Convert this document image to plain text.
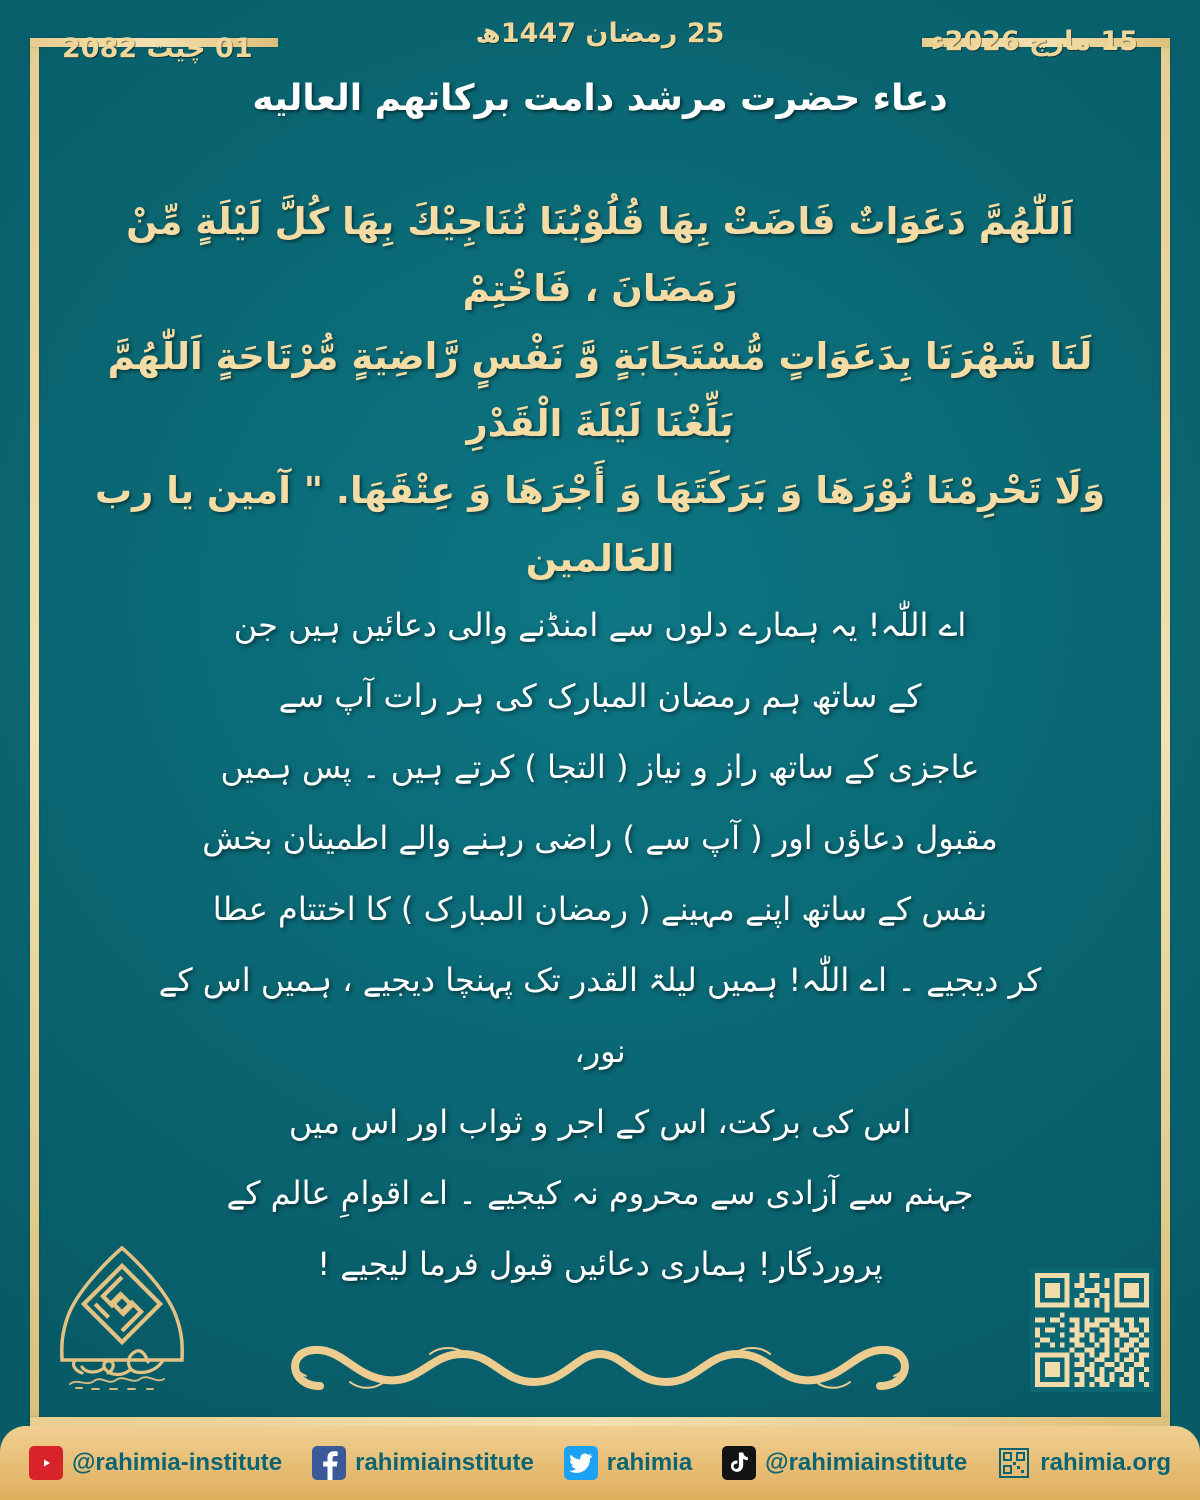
01 چیت 2082	25 رمضان 1447ھ	15 مارچ 2026ء
دعاء حضرت مرشد دامت بركاتهم العاليه
اَللّٰهُمَّ دَعَوَاتٌ فَاضَتْ بِهَا قُلُوْبُنَا نُنَاجِيْكَ بِهَا كُلَّ لَيْلَةٍ مِّنْ رَمَضَانَ ، فَاخْتِمْ
لَنَا شَهْرَنَا بِدَعَوَاتٍ مُّسْتَجَابَةٍ وَّ نَفْسٍ رَّاضِيَةٍ مُّرْتَاحَةٍ اَللّٰهُمَّ بَلِّغْنَا لَيْلَةَ الْقَدْرِ
وَلَا تَحْرِمْنَا نُوْرَهَا وَ بَرَكَتَهَا وَ أَجْرَهَا وَ عِتْقَهَا. " آمين يا رب
العَالمين
اے اللّٰہ! یہ ہمارے دلوں سے امنڈنے والی دعائیں ہیں جن
کے ساتھ ہم رمضان المبارک کی ہر رات آپ سے
عاجزی کے ساتھ راز و نیاز ( التجا ) کرتے ہیں ۔ پس ہمیں
مقبول دعاؤں اور ( آپ سے ) راضی رہنے والے اطمینان بخش
نفس کے ساتھ اپنے مہینے ( رمضان المبارک ) کا اختتام عطا
کر دیجیے ۔ اے اللّٰہ! ہمیں لیلۃ القدر تک پہنچا دیجیے ، ہمیں اس کے نور،
اس کی برکت، اس کے اجر و ثواب اور اس میں
جہنم سے آزادی سے محروم نہ کیجیے ۔ اے اقوامِ عالم کے
پروردگار! ہماری دعائیں قبول فرما لیجیے !
@rahimia-institute	rahimiainstitute	rahimia	@rahimiainstitute	rahimia.org
